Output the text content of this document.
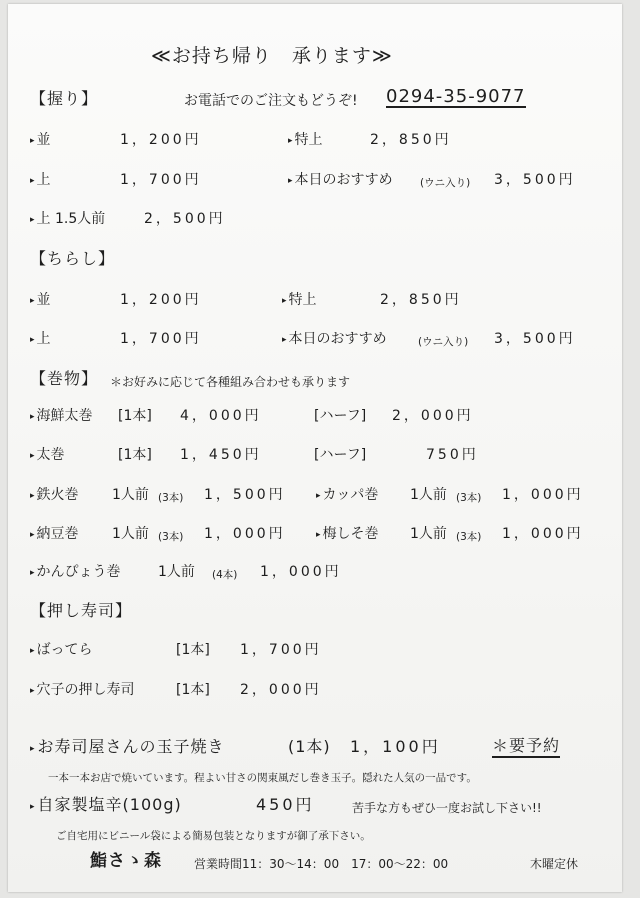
≪お持ち帰り　承ります≫
【握り】	お電話でのご注文もどうぞ! 0294-35-9077
▸ 並	1，200円	▸ 特上	2，850円
▸ 上	1，700円	▸ 本日のおすすめ	(ウニ入り) 3，500円
▸ 上 1.5人前	2，500円
【ちらし】
▸ 並	1，200円	▸ 特上	2，850円
▸ 上	1，700円	▸ 本日のおすすめ	(ウニ入り) 3，500円
【巻物】 ＊お好みに応じて各種組み合わせも承ります
▸ 海鮮太巻 [1本] 4，000円	[ハーフ] 2，000円
▸ 太巻	[1本] 1，450円	[ハーフ]	750円
▸ 鉄火巻 1人前 (3本) 1，500円	▸ カッパ巻 1人前 (3本) 1，000円
▸ 納豆巻 1人前 (3本) 1，000円	▸ 梅しそ巻 1人前 (3本) 1，000円
▸ かんぴょう巻	1人前 (4本) 1，000円
【押し寿司】
▸ ばってら	[1本] 1，700円
▸ 穴子の押し寿司	[1本] 2，000円
▸ お寿司屋さんの玉子焼き	(1本) 1，100円	＊要予約
一本一本お店で焼いています。程よい甘さの関東風だし巻き玉子。隠れた人気の一品です。
▸ 自家製塩辛(100g)	450円	苦手な方もぜひ一度お試し下さい!!
ご自宅用にビニール袋による簡易包装となりますが御了承下さい。
鮨さゝ森	営業時間11：30〜14：00　17：00〜22：00	木曜定休
